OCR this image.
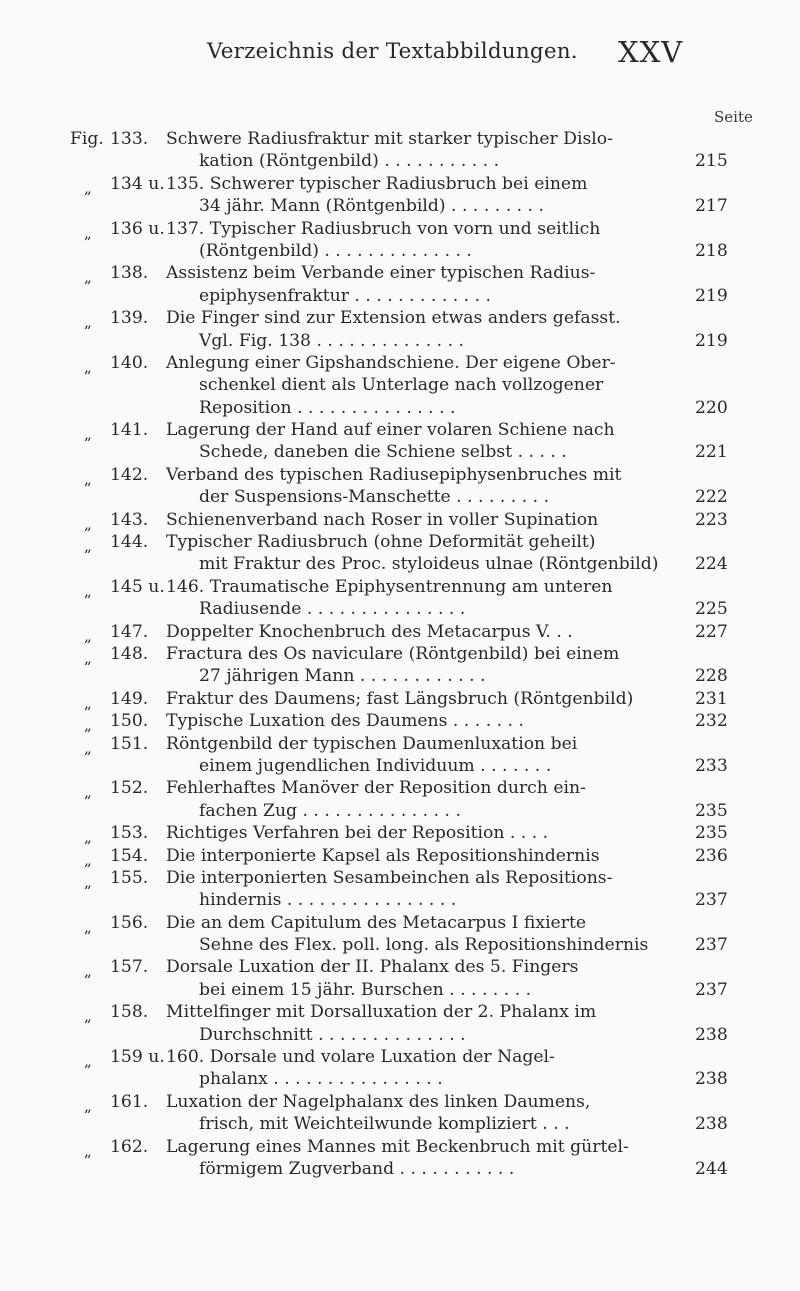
Verzeichnis der Textabbildungen. XXV
Seite
Fig. 133. Schwere Radiusfraktur mit starker typischer Dislo-
kation (Röntgenbild) . . . . . . . . . . .	215
„ 134 u. 135. Schwerer typischer Radiusbruch bei einem
34 jähr. Mann (Röntgenbild) . . . . . . . . .	217
„ 136 u. 137. Typischer Radiusbruch von vorn und seitlich
(Röntgenbild) . . . . . . . . . . . . . .	218
„ 138. Assistenz beim Verbande einer typischen Radius-
epiphysenfraktur . . . . . . . . . . . . .	219
„ 139. Die Finger sind zur Extension etwas anders gefasst.
Vgl. Fig. 138 . . . . . . . . . . . . . .	219
„ 140. Anlegung einer Gipshandschiene. Der eigene Ober-
schenkel dient als Unterlage nach vollzogener
Reposition . . . . . . . . . . . . . . .	220
„ 141. Lagerung der Hand auf einer volaren Schiene nach
Schede, daneben die Schiene selbst . . . . .	221
„ 142. Verband des typischen Radiusepiphysenbruches mit
der Suspensions-Manschette . . . . . . . . .	222
„ 143. Schienenverband nach Roser in voller Supination	223
„ 144. Typischer Radiusbruch (ohne Deformität geheilt)
mit Fraktur des Proc. styloideus ulnae (Röntgenbild) 224
„ 145 u. 146. Traumatische Epiphysentrennung am unteren
Radiusende . . . . . . . . . . . . . . .	225
„ 147. Doppelter Knochenbruch des Metacarpus V. . .	227
„ 148. Fractura des Os naviculare (Röntgenbild) bei einem
27 jährigen Mann . . . . . . . . . . . .	228
„ 149. Fraktur des Daumens; fast Längsbruch (Röntgenbild)	231
„ 150. Typische Luxation des Daumens . . . . . . .	232
„ 151. Röntgenbild der typischen Daumenluxation bei
einem jugendlichen Individuum . . . . . . .	233
„ 152. Fehlerhaftes Manöver der Reposition durch ein-
fachen Zug . . . . . . . . . . . . . . .	235
„ 153. Richtiges Verfahren bei der Reposition . . . .	235
„ 154. Die interponierte Kapsel als Repositionshindernis	236
„ 155. Die interponierten Sesambeinchen als Repositions-
hindernis . . . . . . . . . . . . . . . .	237
„ 156. Die an dem Capitulum des Metacarpus I fixierte
Sehne des Flex. poll. long. als Repositionshindernis	237
„ 157. Dorsale Luxation der II. Phalanx des 5. Fingers
bei einem 15 jähr. Burschen . . . . . . . .	237
„ 158. Mittelfinger mit Dorsalluxation der 2. Phalanx im
Durchschnitt . . . . . . . . . . . . . .	238
„ 159 u. 160. Dorsale und volare Luxation der Nagel-
phalanx . . . . . . . . . . . . . . . .	238
„ 161. Luxation der Nagelphalanx des linken Daumens,
frisch, mit Weichteilwunde kompliziert . . .	238
„ 162. Lagerung eines Mannes mit Beckenbruch mit gürtel-
förmigem Zugverband . . . . . . . . . . .	244
